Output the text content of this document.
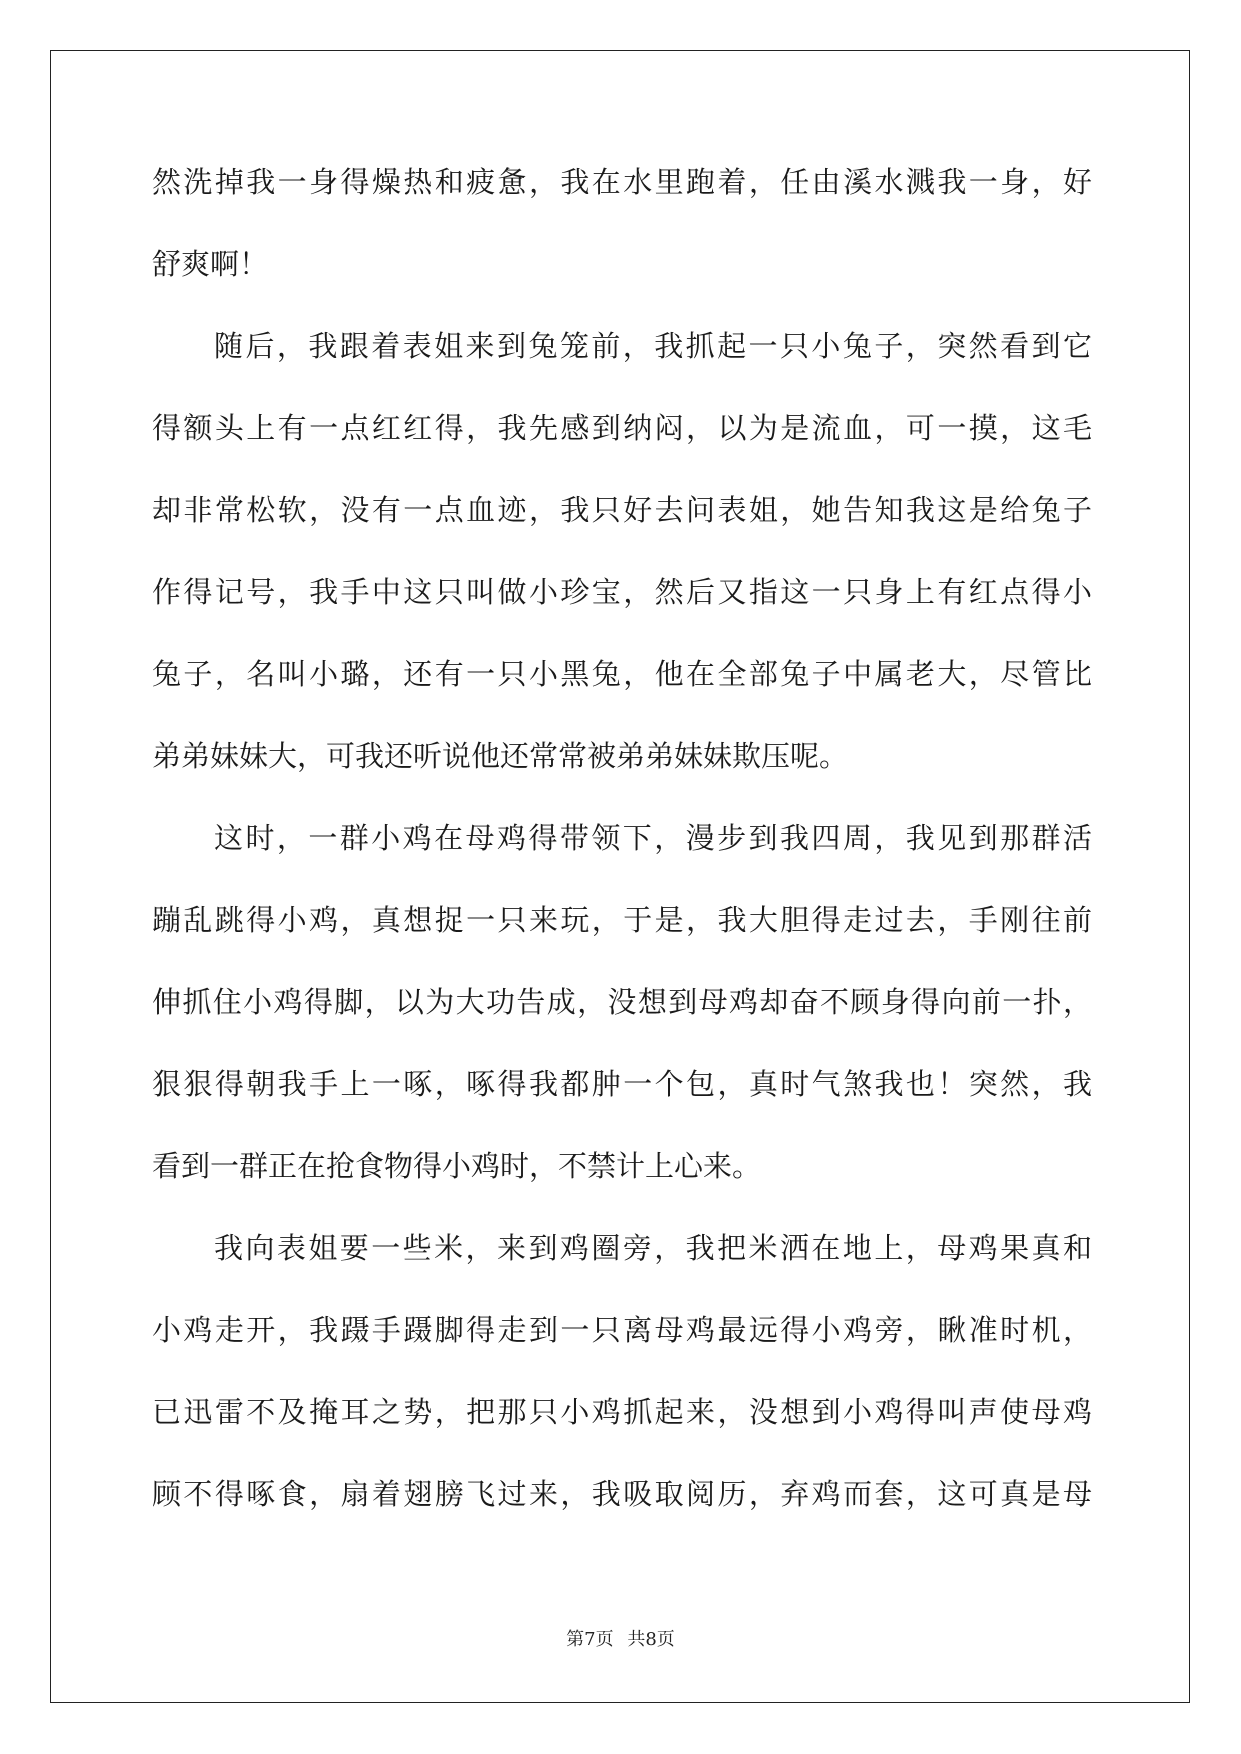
然洗掉我一身得燥热和疲惫，我在水里跑着，任由溪水溅我一身，好
舒爽啊！
随后，我跟着表姐来到兔笼前，我抓起一只小兔子，突然看到它
得额头上有一点红红得，我先感到纳闷，以为是流血，可一摸，这毛
却非常松软，没有一点血迹，我只好去问表姐，她告知我这是给兔子
作得记号，我手中这只叫做小珍宝，然后又指这一只身上有红点得小
兔子，名叫小璐，还有一只小黑兔，他在全部兔子中属老大，尽管比
弟弟妹妹大，可我还听说他还常常被弟弟妹妹欺压呢。
这时，一群小鸡在母鸡得带领下，漫步到我四周，我见到那群活
蹦乱跳得小鸡，真想捉一只来玩，于是，我大胆得走过去，手刚往前
伸抓住小鸡得脚，以为大功告成，没想到母鸡却奋不顾身得向前一扑，
狠狠得朝我手上一啄，啄得我都肿一个包，真时气煞我也！突然，我
看到一群正在抢食物得小鸡时，不禁计上心来。
我向表姐要一些米，来到鸡圈旁，我把米洒在地上，母鸡果真和
小鸡走开，我蹑手蹑脚得走到一只离母鸡最远得小鸡旁，瞅准时机，
已迅雷不及掩耳之势，把那只小鸡抓起来，没想到小鸡得叫声使母鸡
顾不得啄食，扇着翅膀飞过来，我吸取阅历，弃鸡而套，这可真是母
第7页 共8页
